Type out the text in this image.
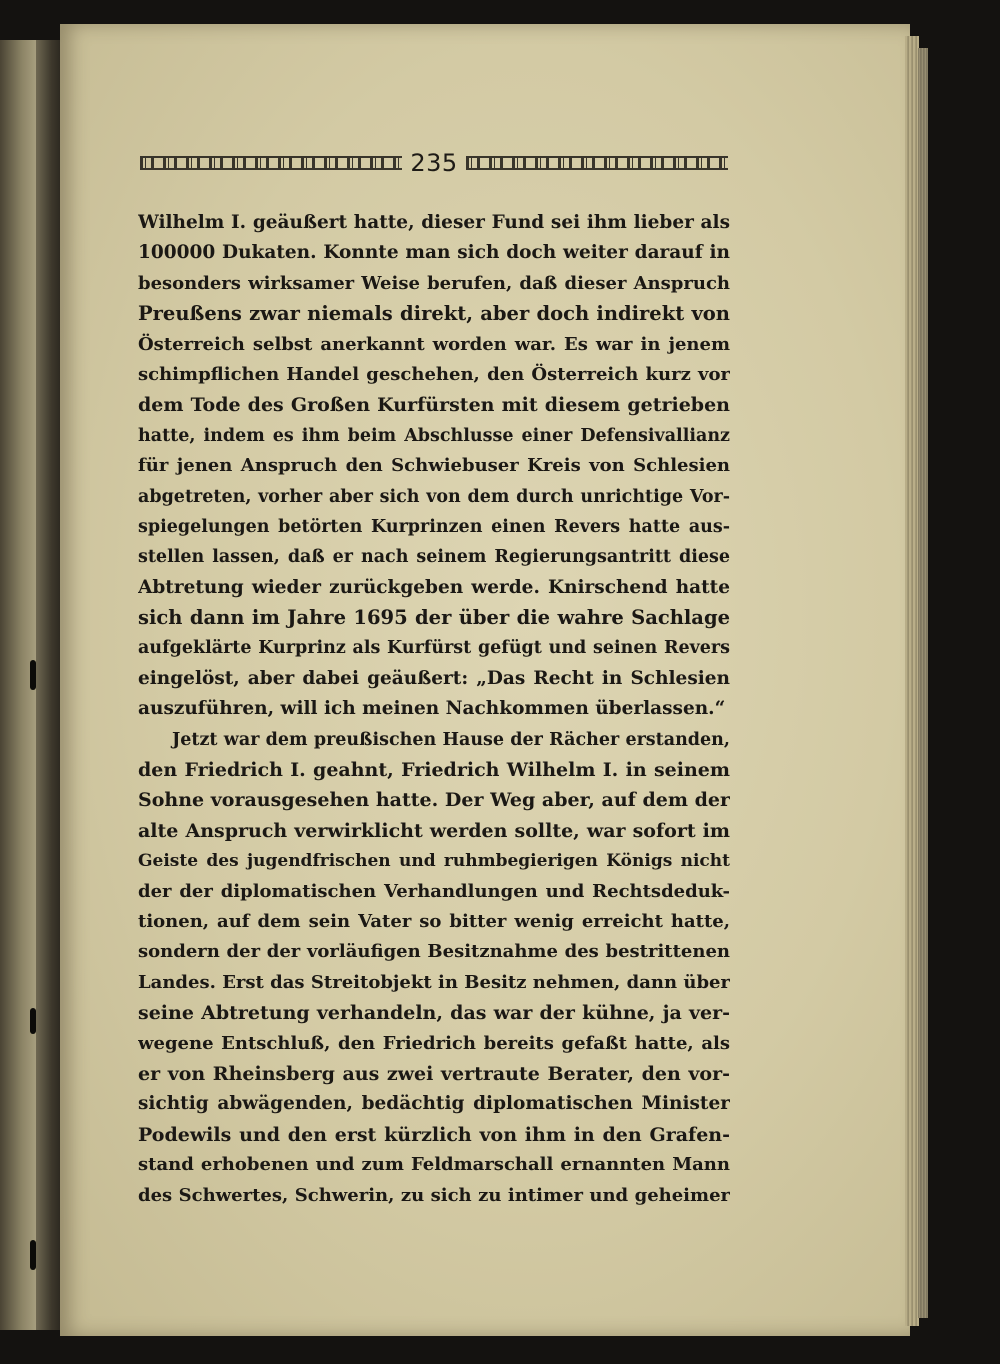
235
Wilhelm I. geäußert hatte, dieser Fund sei ihm lieber als
100000 Dukaten. Konnte man sich doch weiter darauf in
besonders wirksamer Weise berufen, daß dieser Anspruch
Preußens zwar niemals direkt, aber doch indirekt von
Österreich selbst anerkannt worden war. Es war in jenem
schimpflichen Handel geschehen, den Österreich kurz vor
dem Tode des Großen Kurfürsten mit diesem getrieben
hatte, indem es ihm beim Abschlusse einer Defensivallianz
für jenen Anspruch den Schwiebuser Kreis von Schlesien
abgetreten, vorher aber sich von dem durch unrichtige Vor-
spiegelungen betörten Kurprinzen einen Revers hatte aus-
stellen lassen, daß er nach seinem Regierungsantritt diese
Abtretung wieder zurückgeben werde. Knirschend hatte
sich dann im Jahre 1695 der über die wahre Sachlage
aufgeklärte Kurprinz als Kurfürst gefügt und seinen Revers
eingelöst, aber dabei geäußert: „Das Recht in Schlesien
auszuführen, will ich meinen Nachkommen überlassen.“
Jetzt war dem preußischen Hause der Rächer erstanden,
den Friedrich I. geahnt, Friedrich Wilhelm I. in seinem
Sohne vorausgesehen hatte. Der Weg aber, auf dem der
alte Anspruch verwirklicht werden sollte, war sofort im
Geiste des jugendfrischen und ruhmbegierigen Königs nicht
der der diplomatischen Verhandlungen und Rechtsdeduk-
tionen, auf dem sein Vater so bitter wenig erreicht hatte,
sondern der der vorläufigen Besitznahme des bestrittenen
Landes. Erst das Streitobjekt in Besitz nehmen, dann über
seine Abtretung verhandeln, das war der kühne, ja ver-
wegene Entschluß, den Friedrich bereits gefaßt hatte, als
er von Rheinsberg aus zwei vertraute Berater, den vor-
sichtig abwägenden, bedächtig diplomatischen Minister
Podewils und den erst kürzlich von ihm in den Grafen-
stand erhobenen und zum Feldmarschall ernannten Mann
des Schwertes, Schwerin, zu sich zu intimer und geheimer
